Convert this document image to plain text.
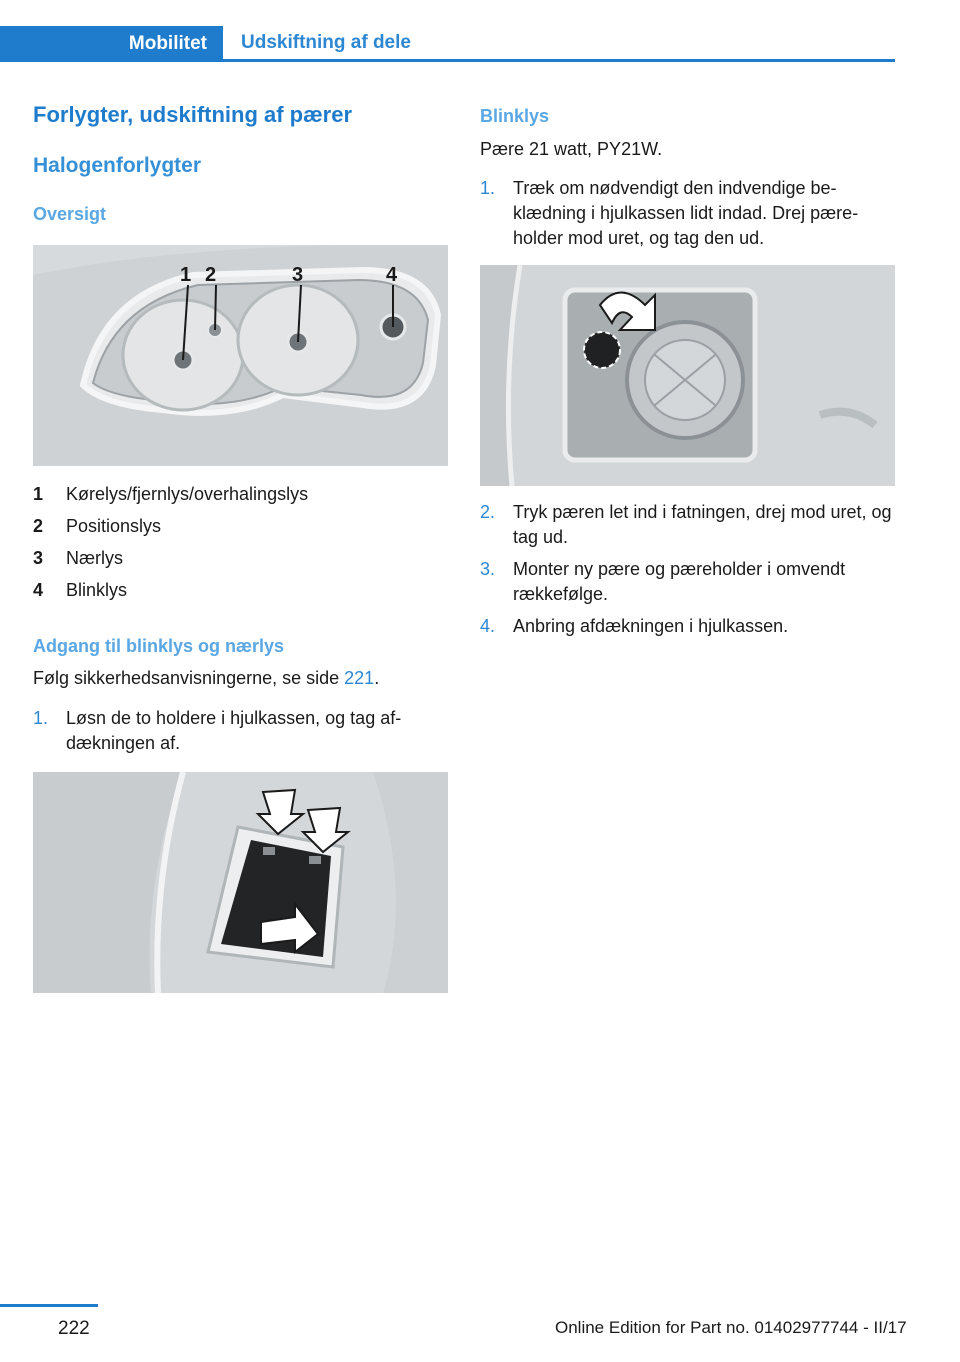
Mobilitet Udskiftning af dele
Forlygter, udskiftning af pærer
Halogenforlygter
Oversigt
1 2	3	4
1	Kørelys/fjernlys/overhalingslys
2	Positionslys
3	Nærlys
4	Blinklys
Adgang til blinklys og nærlys
Følg sikkerhedsanvisningerne, se side 221.
1. Løsn de to holdere i hjulkassen, og tag afdækningen af.
Blinklys
Pære 21 watt, PY21W.
1. Træk om nødvendigt den indvendige beklædning i hjulkassen lidt indad. Drej pæreholder mod uret, og tag den ud.
2. Tryk pæren let ind i fatningen, drej mod uret, og tag ud.
3. Monter ny pære og pæreholder i omvendt rækkefølge.
4. Anbring afdækningen i hjulkassen.
222	Online Edition for Part no. 01402977744 - II/17
